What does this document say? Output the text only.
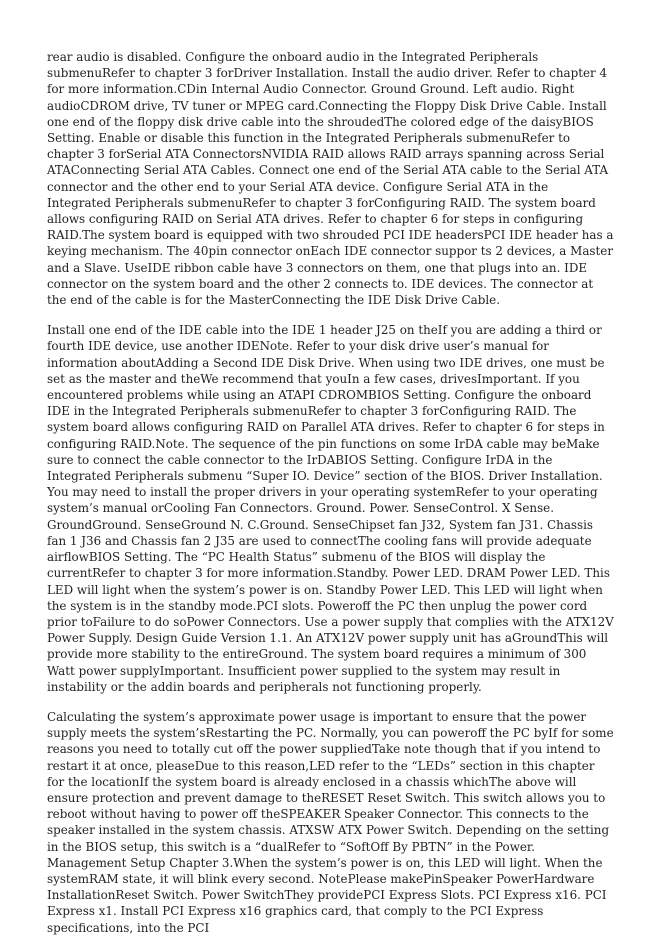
rear audio is disabled. Configure the onboard audio in the Integrated Peripherals submenuRefer to chapter 3 forDriver Installation. Install the audio driver. Refer to chapter 4 for more information.CDin Internal Audio Connector. Ground Ground. Left audio. Right audioCDROM drive, TV tuner or MPEG card.Connecting the Floppy Disk Drive Cable. Install one end of the floppy disk drive cable into the shroudedThe colored edge of the daisyBIOS Setting. Enable or disable this function in the Integrated Peripherals submenuRefer to chapter 3 forSerial ATA ConnectorsNVIDIA RAID allows RAID arrays spanning across Serial ATAConnecting Serial ATA Cables. Connect one end of the Serial ATA cable to the Serial ATA connector and the other end to your Serial ATA device. Configure Serial ATA in the Integrated Peripherals submenuRefer to chapter 3 forConfiguring RAID. The system board allows configuring RAID on Serial ATA drives. Refer to chapter 6 for steps in configuring RAID.The system board is equipped with two shrouded PCI IDE headersPCI IDE header has a keying mechanism. The 40pin connector onEach IDE connector suppor ts 2 devices, a Master and a Slave. UseIDE ribbon cable have 3 connectors on them, one that plugs into an. IDE connector on the system board and the other 2 connects to. IDE devices. The connector at the end of the cable is for the MasterConnecting the IDE Disk Drive Cable.

Install one end of the IDE cable into the IDE 1 header J25 on theIf you are adding a third or fourth IDE device, use another IDENote. Refer to your disk drive user’s manual for information aboutAdding a Second IDE Disk Drive. When using two IDE drives, one must be set as the master and theWe recommend that youIn a few cases, drivesImportant. If you encountered problems while using an ATAPI CDROMBIOS Setting. Configure the onboard IDE in the Integrated Peripherals submenuRefer to chapter 3 forConfiguring RAID. The system board allows configuring RAID on Parallel ATA drives. Refer to chapter 6 for steps in configuring RAID.Note. The sequence of the pin functions on some IrDA cable may beMake sure to connect the cable connector to the IrDABIOS Setting. Configure IrDA in the Integrated Peripherals submenu “Super IO. Device” section of the BIOS. Driver Installation. You may need to install the proper drivers in your operating systemRefer to your operating system’s manual orCooling Fan Connectors. Ground. Power. SenseControl. X Sense. GroundGround. SenseGround N. C.Ground. SenseChipset fan J32, System fan J31. Chassis fan 1 J36 and Chassis fan 2 J35 are used to connectThe cooling fans will provide adequate airflowBIOS Setting. The “PC Health Status” submenu of the BIOS will display the currentRefer to chapter 3 for more information.Standby. Power LED. DRAM Power LED. This LED will light when the system’s power is on. Standby Power LED. This LED will light when the system is in the standby mode.PCI slots. Poweroff the PC then unplug the power cord prior toFailure to do soPower Connectors. Use a power supply that complies with the ATX12V Power Supply. Design Guide Version 1.1. An ATX12V power supply unit has aGroundThis will provide more stability to the entireGround. The system board requires a minimum of 300 Watt power supplyImportant. Insufficient power supplied to the system may result in instability or the addin boards and peripherals not functioning properly.

Calculating the system’s approximate power usage is important to ensure that the power supply meets the system’sRestarting the PC. Normally, you can poweroff the PC byIf for some reasons you need to totally cut off the power suppliedTake note though that if you intend to restart it at once, pleaseDue to this reason,LED refer to the “LEDs” section in this chapter for the locationIf the system board is already enclosed in a chassis whichThe above will ensure protection and prevent damage to theRESET Reset Switch. This switch allows you to reboot without having to power off theSPEAKER Speaker Connector. This connects to the speaker installed in the system chassis. ATXSW ATX Power Switch. Depending on the setting in the BIOS setup, this switch is a “dualRefer to “SoftOff By PBTN” in the Power. Management Setup Chapter 3.When the system’s power is on, this LED will light. When the systemRAM state, it will blink every second. NotePlease makePinSpeaker PowerHardware InstallationReset Switch. Power SwitchThey providePCI Express Slots. PCI Express x16. PCI Express x1. Install PCI Express x16 graphics card, that comply to the PCI Express specifications, into the PCI
